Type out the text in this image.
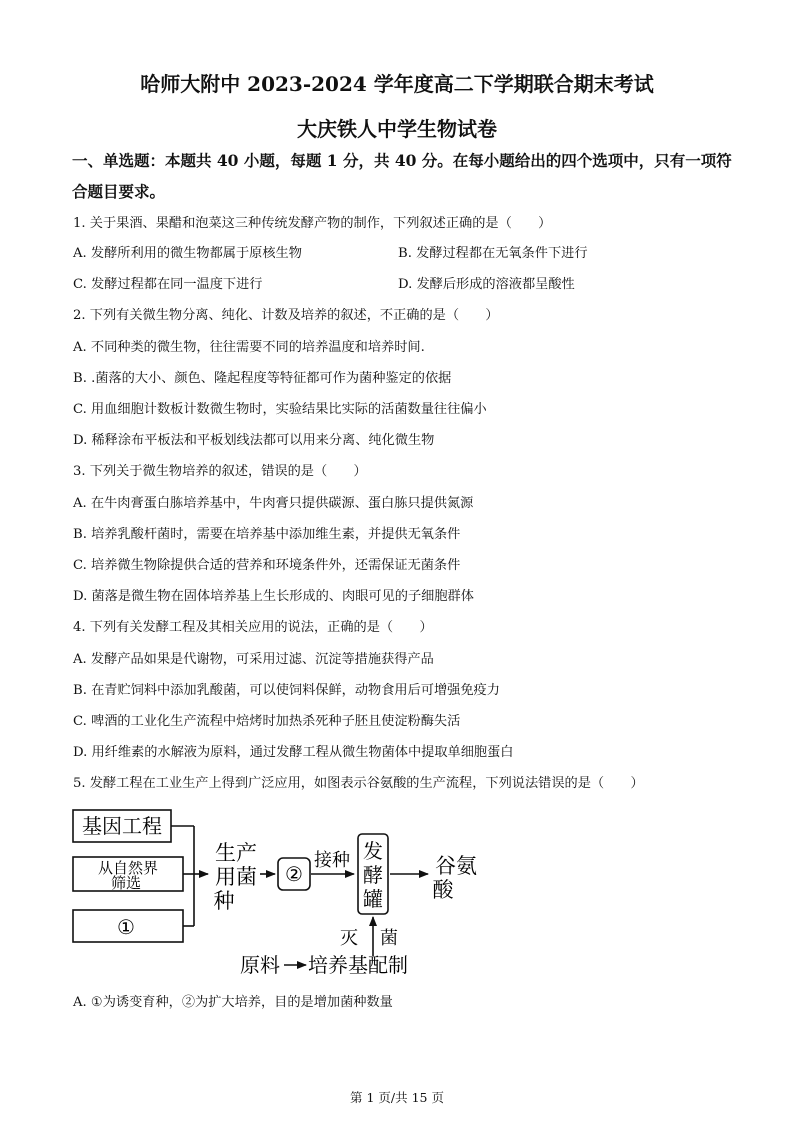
哈师大附中 2023-2024 学年度高二下学期联合期末考试
大庆铁人中学生物试卷
一、单选题：本题共 40 小题，每题 1 分，共 40 分。在每小题给出的四个选项中，只有一项符合题目要求。
1. 关于果酒、果醋和泡菜这三种传统发酵产物的制作，下列叙述正确的是（　　）
A. 发酵所利用的微生物都属于原核生物	B. 发酵过程都在无氧条件下进行
C. 发酵过程都在同一温度下进行	D. 发酵后形成的溶液都呈酸性
2. 下列有关微生物分离、纯化、计数及培养的叙述，不正确的是（　　）
A. 不同种类的微生物，往往需要不同的培养温度和培养时间.
B. .菌落的大小、颜色、隆起程度等特征都可作为菌种鉴定的依据
C. 用血细胞计数板计数微生物时，实验结果比实际的活菌数量往往偏小
D. 稀释涂布平板法和平板划线法都可以用来分离、纯化微生物
3. 下列关于微生物培养的叙述，错误的是（　　）
A. 在牛肉膏蛋白胨培养基中，牛肉膏只提供碳源、蛋白胨只提供氮源
B. 培养乳酸杆菌时，需要在培养基中添加维生素，并提供无氧条件
C. 培养微生物除提供合适的营养和环境条件外，还需保证无菌条件
D. 菌落是微生物在固体培养基上生长形成的、肉眼可见的子细胞群体
4. 下列有关发酵工程及其相关应用的说法，正确的是（　　）
A. 发酵产品如果是代谢物，可采用过滤、沉淀等措施获得产品
B. 在青贮饲料中添加乳酸菌，可以使饲料保鲜，动物食用后可增强免疫力
C. 啤酒的工业化生产流程中焙烤时加热杀死种子胚且使淀粉酶失活
D. 用纤维素的水解液为原料，通过发酵工程从微生物菌体中提取单细胞蛋白
5. 发酵工程在工业生产上得到广泛应用，如图表示谷氨酸的生产流程，下列说法错误的是（　　）
基因工程
从自然界
筛选
①
生产
用菌
种
②
接种 发
酵
罐
谷氨
酸
灭 菌
原料 培养基配制
A. ①为诱变育种，②为扩大培养，目的是增加菌种数量
第 1 页/共 15 页
